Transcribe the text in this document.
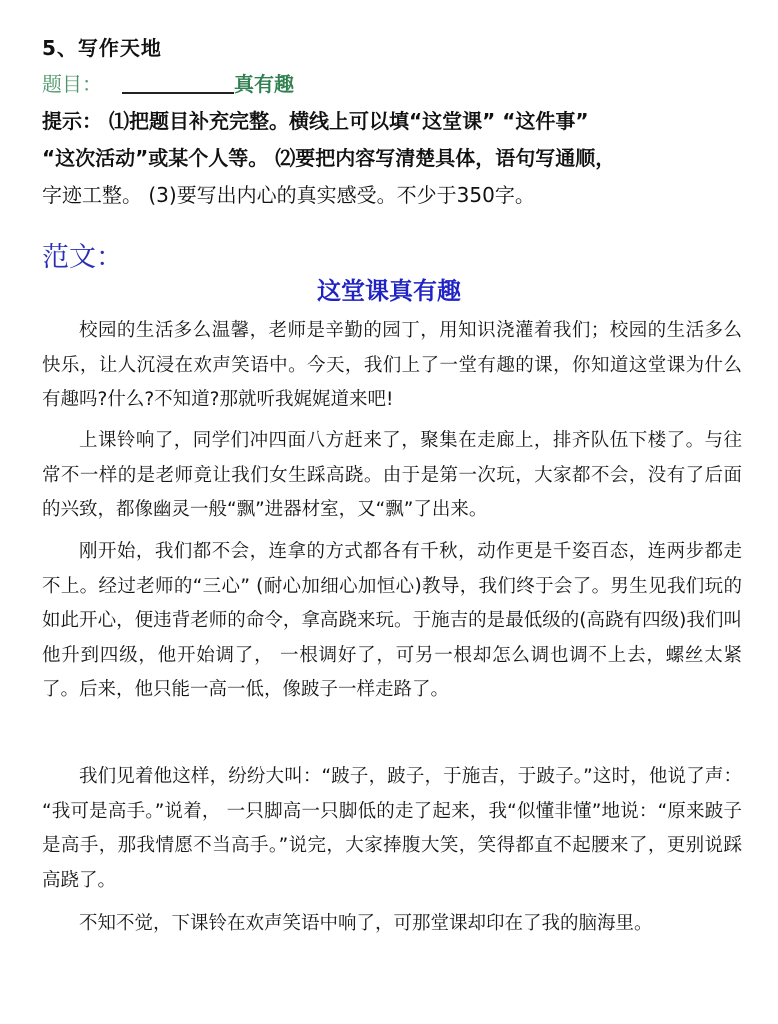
5、写作天地
题目：	真有趣
提示： ⑴把题目补充完整。横线上可以填“这堂课” “这件事”
“这次活动”或某个人等。 ⑵要把内容写清楚具体，语句写通顺，
字迹工整。 (3)要写出内心的真实感受。不少于350字。
范文：
这堂课真有趣

校园的生活多么温馨，老师是辛勤的园丁，用知识浇灌着我们；校园的生活多么快乐，让人沉浸在欢声笑语中。今天，我们上了一堂有趣的课，你知道这堂课为什么有趣吗?什么?不知道?那就听我娓娓道来吧!

上课铃响了，同学们冲四面八方赶来了，聚集在走廊上，排齐队伍下楼了。与往常不一样的是老师竟让我们女生踩高跷。由于是第一次玩，大家都不会，没有了后面的兴致，都像幽灵一般“飘”进器材室，又“飘”了出来。

刚开始，我们都不会，连拿的方式都各有千秋，动作更是千姿百态，连两步都走不上。经过老师的“三心” (耐心加细心加恒心)教导，我们终于会了。男生见我们玩的如此开心，便违背老师的命令，拿高跷来玩。于施吉的是最低级的(高跷有四级)我们叫他升到四级，他开始调了， 一根调好了，可另一根却怎么调也调不上去，螺丝太紧了。后来，他只能一高一低，像跛子一样走路了。

我们见着他这样，纷纷大叫：“跛子，跛子，于施吉，于跛子。”这时，他说了声： “我可是高手。”说着， 一只脚高一只脚低的走了起来，我“似懂非懂”地说：“原来跛子是高手，那我情愿不当高手。”说完，大家捧腹大笑，笑得都直不起腰来了，更别说踩高跷了。

不知不觉，下课铃在欢声笑语中响了，可那堂课却印在了我的脑海里。
